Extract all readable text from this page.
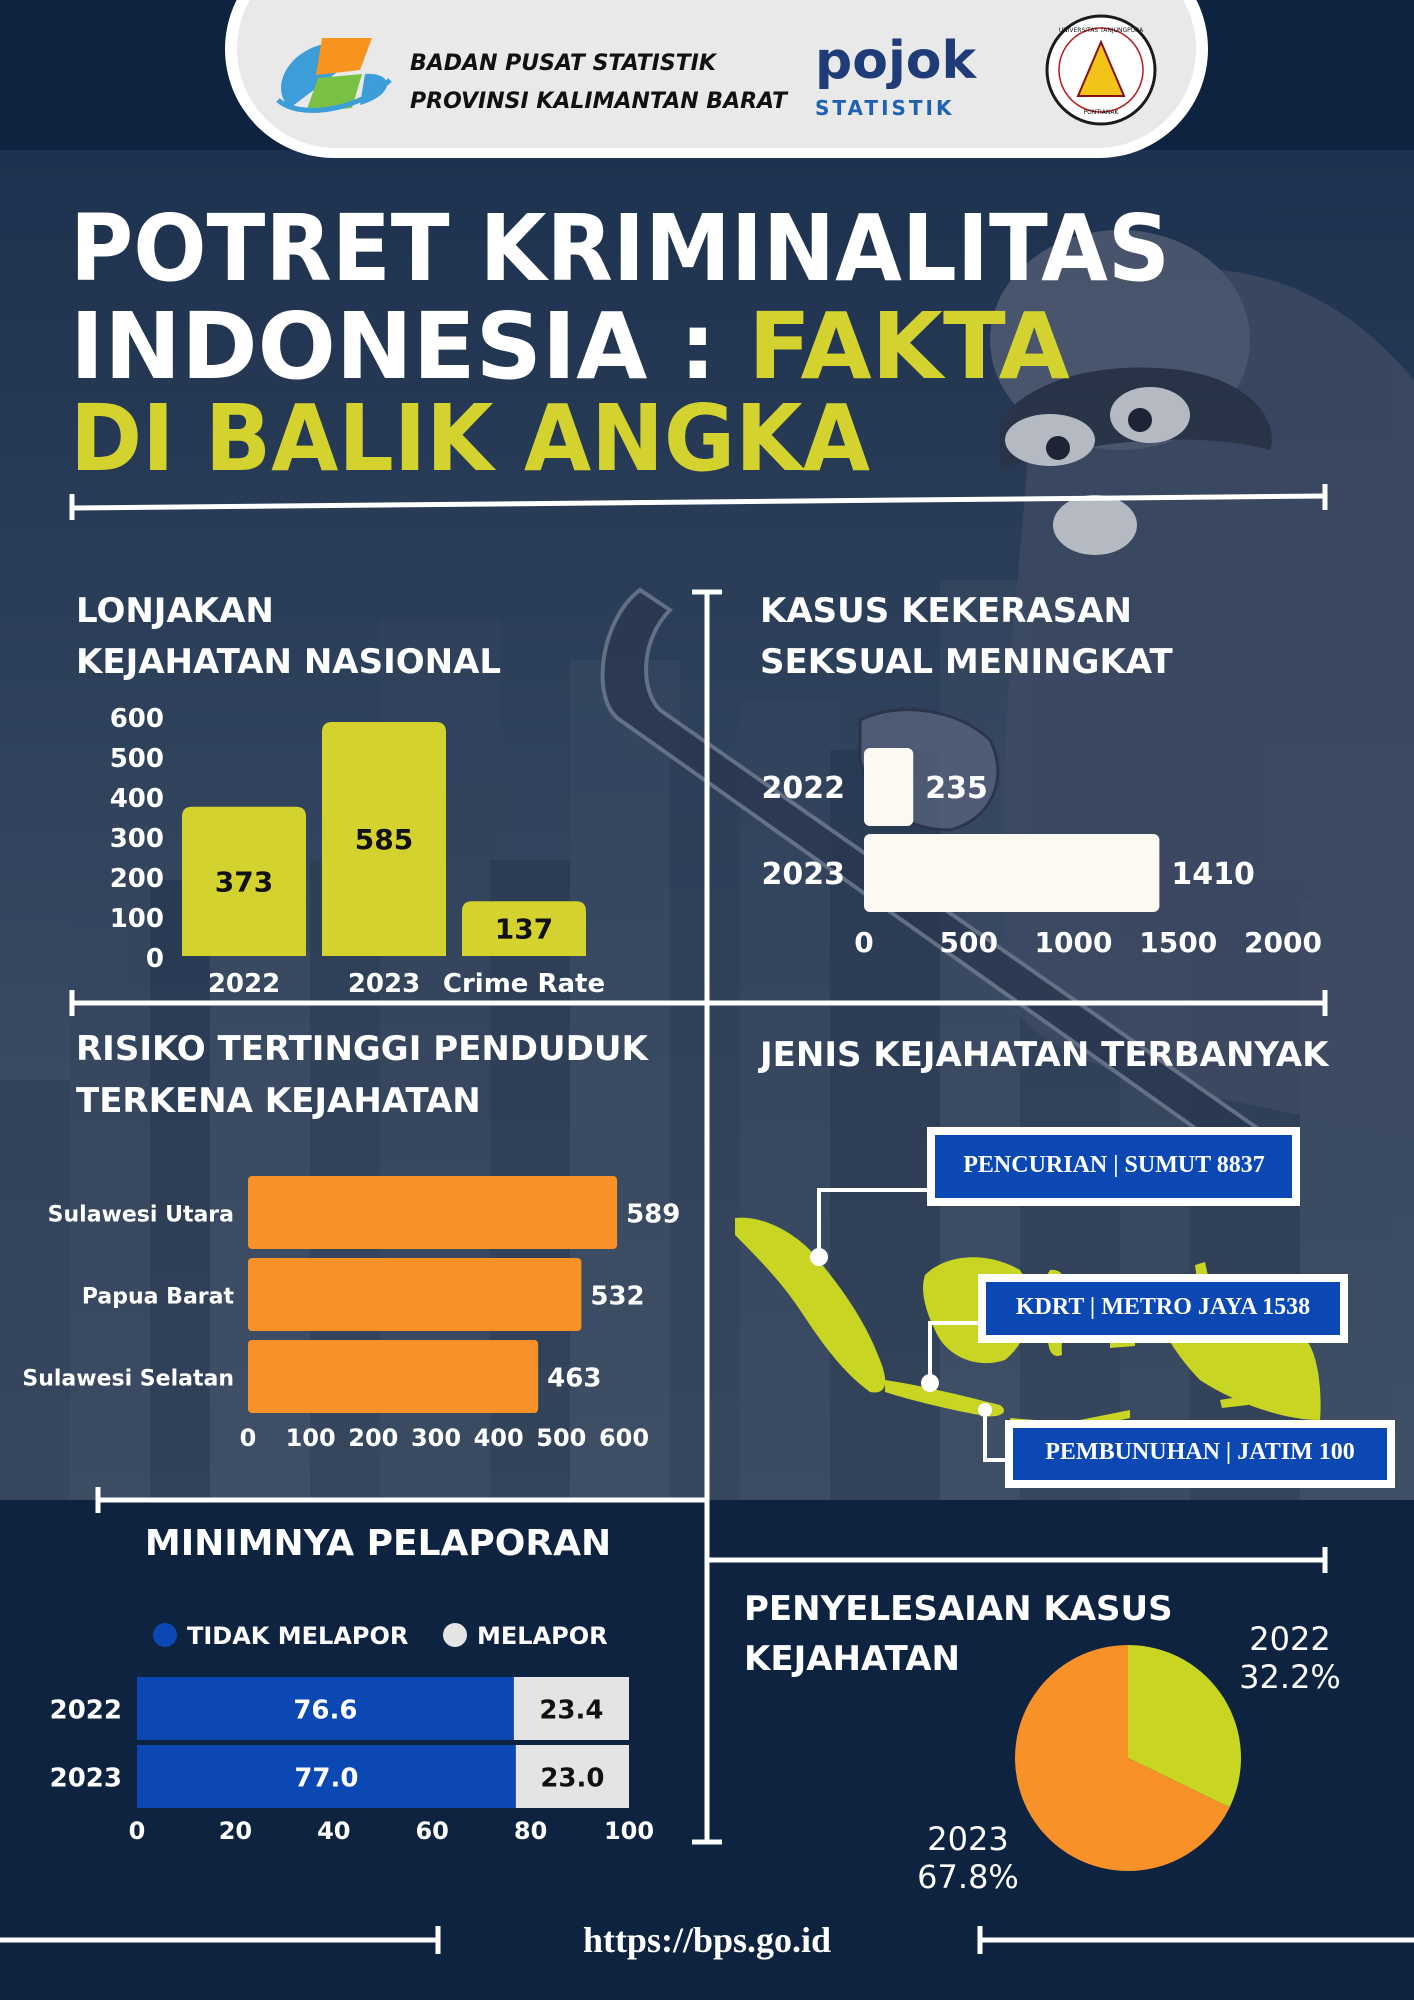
BADAN PUSAT STATISTIK
PROVINSI KALIMANTAN BARAT
pojok
STATISTIK
UNIVERSITAS TANJUNGPURA
PONTIANAK
POTRET KRIMINALITAS
INDONESIA : FAKTA
DI BALIK ANGKA
LONJAKAN
KEJAHATAN NASIONAL
0
100
200
300
400
500
600
373
2022
585
2023
137
Crime Rate
KASUS KEKERASAN
SEKSUAL MENINGKAT
235
2022
1410
2023
0 500 1000 1500 2000
RISIKO TERTINGGI PENDUDUK
TERKENA KEJAHATAN
589
Sulawesi Utara
532
Papua Barat
463
Sulawesi Selatan
0 100 200 300 400 500 600
JENIS KEJAHATAN TERBANYAK
PENCURIAN | SUMUT 8837
KDRT | METRO JAYA 1538
PEMBUNUHAN | JATIM 100
MINIMNYA PELAPORAN
TIDAK MELAPOR	MELAPOR
2022	76.6	23.4
2023	77.0	23.0
0	20	40	60	80 100
PENYELESAIAN KASUS
KEJAHATAN	2022
32.2%
2023
67.8%
https://bps.go.id
